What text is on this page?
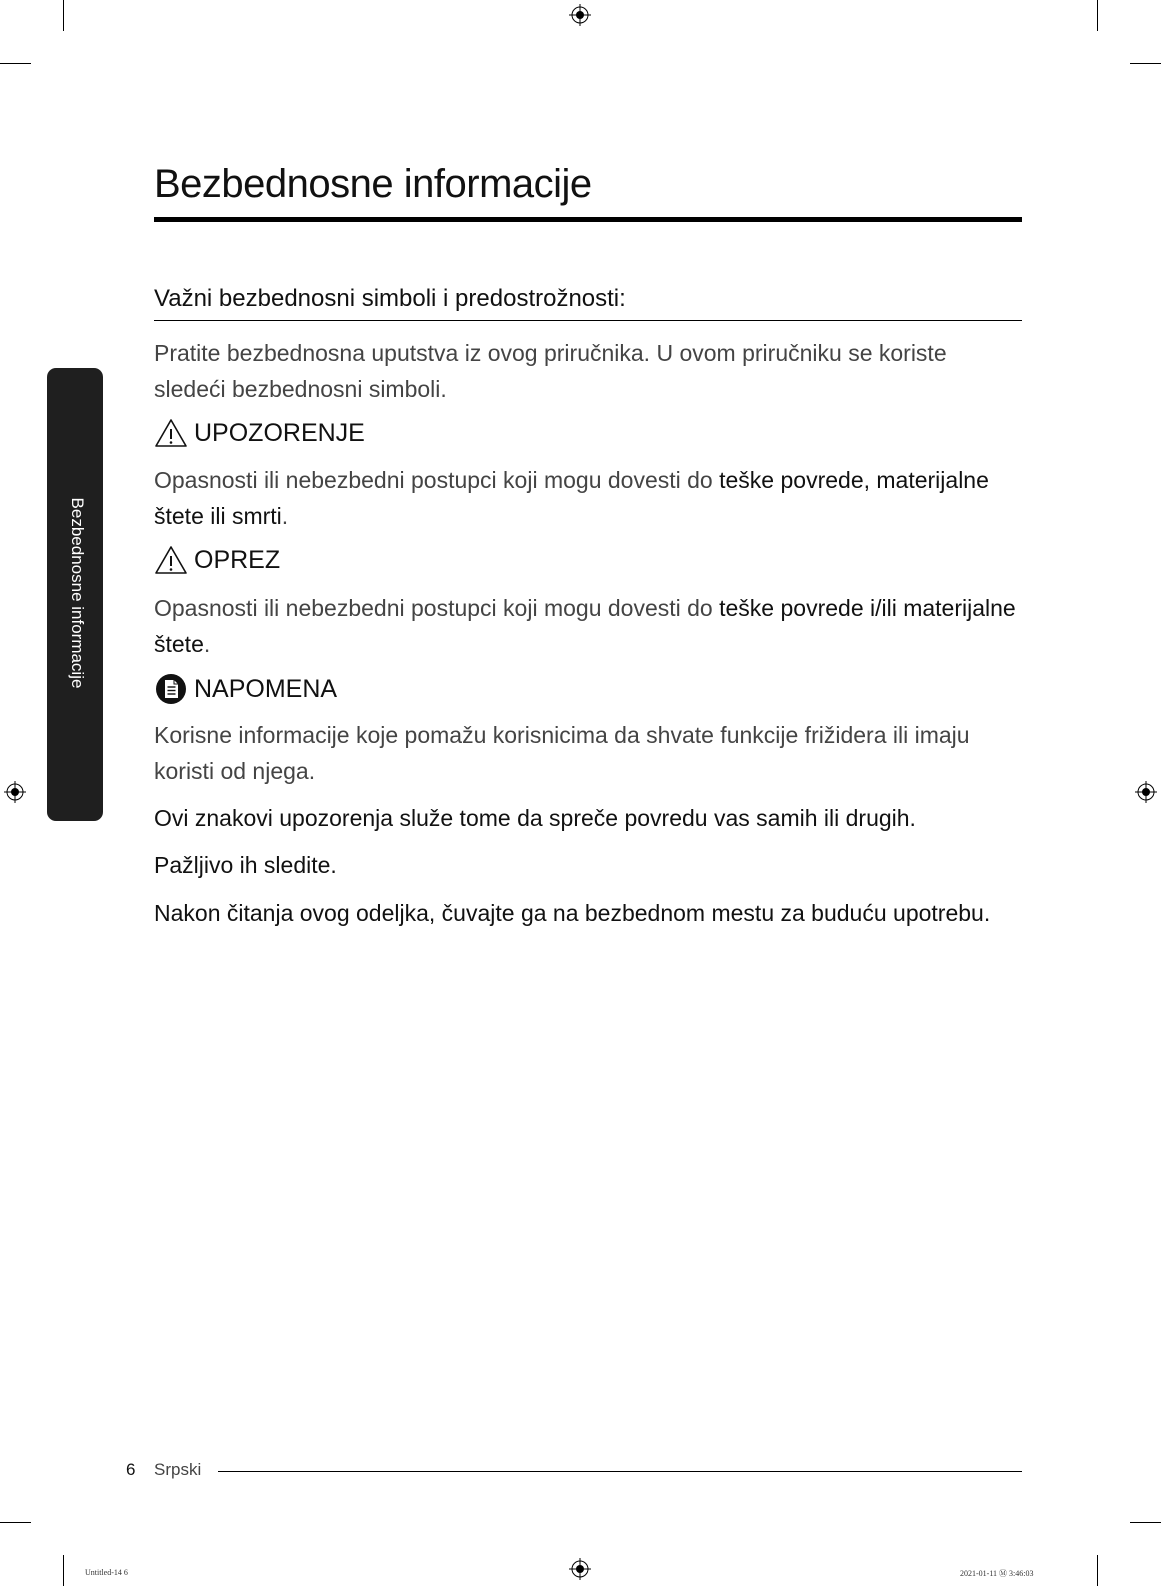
Bezbednosne informacije
Bezbednosne informacije
Važni bezbednosni simboli i predostrožnosti:
Pratite bezbednosna uputstva iz ovog priručnika. U ovom priručniku se koriste sledeći bezbednosni simboli.
UPOZORENJE
Opasnosti ili nebezbedni postupci koji mogu dovesti do teške povrede, materijalne štete ili smrti.
OPREZ
Opasnosti ili nebezbedni postupci koji mogu dovesti do teške povrede i/ili materijalne štete.
NAPOMENA
Korisne informacije koje pomažu korisnicima da shvate funkcije frižidera ili imaju koristi od njega.
Ovi znakovi upozorenja služe tome da spreče povredu vas samih ili drugih.
Pažljivo ih sledite.
Nakon čitanja ovog odeljka, čuvajte ga na bezbednom mestu za buduću upotrebu.
6 Srpski
Untitled-14 6	2021-01-11 Ⓜ 3:46:03
